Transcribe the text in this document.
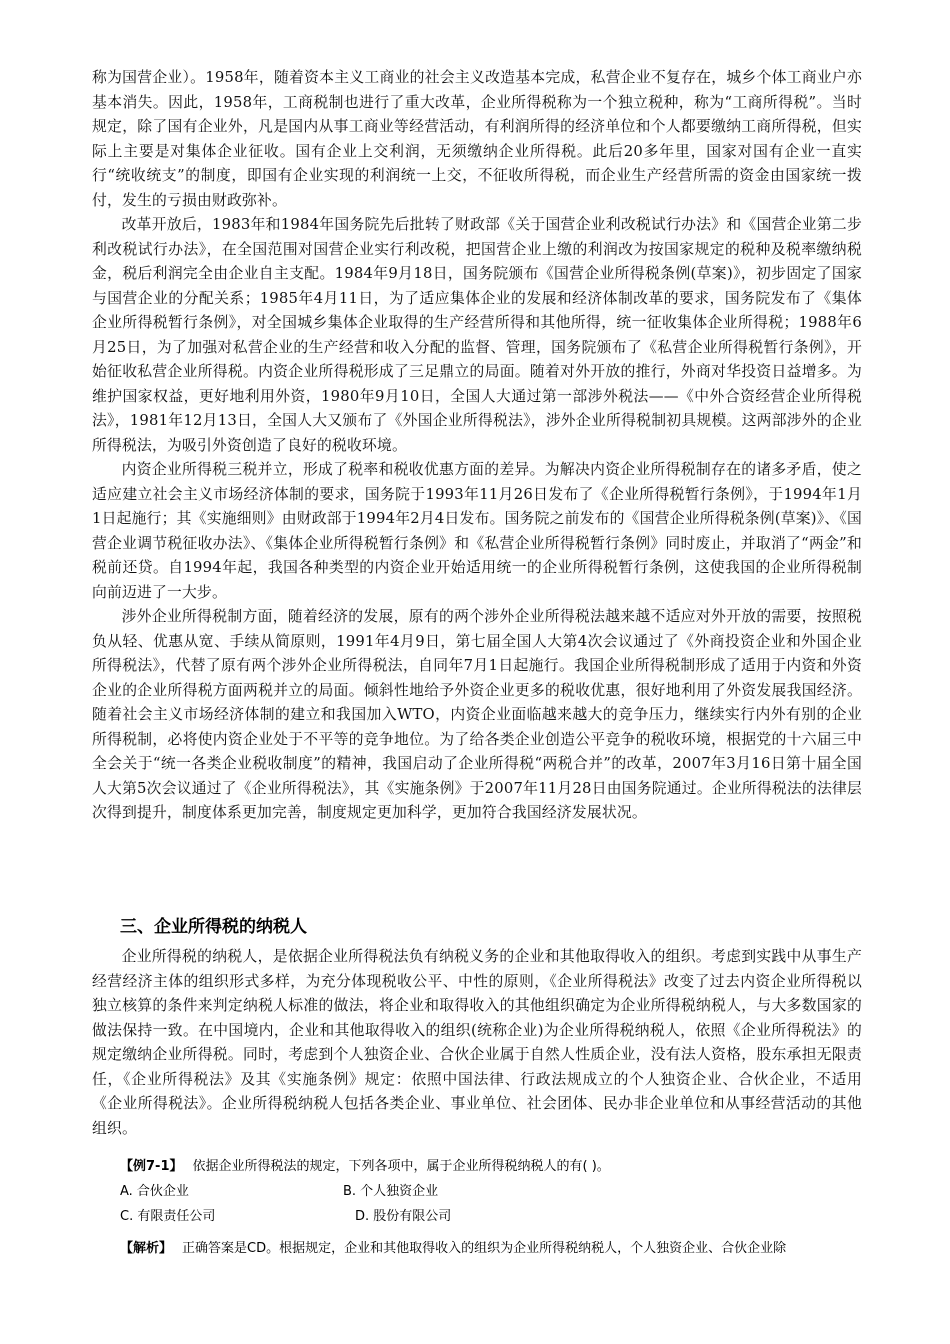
称为国营企业）。1958年，随着资本主义工商业的社会主义改造基本完成，私营企业不复存在，城乡个体工商业户亦基本消失。因此，1958年，工商税制也进行了重大改革，企业所得税称为一个独立税种，称为“工商所得税”。当时规定，除了国有企业外，凡是国内从事工商业等经营活动，有利润所得的经济单位和个人都要缴纳工商所得税，但实际上主要是对集体企业征收。国有企业上交利润，无须缴纳企业所得税。此后20多年里，国家对国有企业一直实行“统收统支”的制度，即国有企业实现的利润统一上交，不征收所得税，而企业生产经营所需的资金由国家统一拨付，发生的亏损由财政弥补。

改革开放后，1983年和1984年国务院先后批转了财政部《关于国营企业利改税试行办法》和《国营企业第二步利改税试行办法》，在全国范围对国营企业实行利改税，把国营企业上缴的利润改为按国家规定的税种及税率缴纳税金，税后利润完全由企业自主支配。1984年9月18日，国务院颁布《国营企业所得税条例(草案)》，初步固定了国家与国营企业的分配关系；1985年4月11日，为了适应集体企业的发展和经济体制改革的要求，国务院发布了《集体企业所得税暂行条例》，对全国城乡集体企业取得的生产经营所得和其他所得，统一征收集体企业所得税；1988年6月25日，为了加强对私营企业的生产经营和收入分配的监督、管理，国务院颁布了《私营企业所得税暂行条例》，开始征收私营企业所得税。内资企业所得税形成了三足鼎立的局面。随着对外开放的推行，外商对华投资日益增多。为维护国家权益，更好地利用外资，1980年9月10日，全国人大通过第一部涉外税法——《中外合资经营企业所得税法》，1981年12月13日，全国人大又颁布了《外国企业所得税法》，涉外企业所得税制初具规模。这两部涉外的企业所得税法，为吸引外资创造了良好的税收环境。

内资企业所得税三税并立，形成了税率和税收优惠方面的差异。为解决内资企业所得税制存在的诸多矛盾，使之适应建立社会主义市场经济体制的要求，国务院于1993年11月26日发布了《企业所得税暂行条例》，于1994年1月1日起施行；其《实施细则》由财政部于1994年2月4日发布。国务院之前发布的《国营企业所得税条例(草案)》、《国营企业调节税征收办法》、《集体企业所得税暂行条例》和《私营企业所得税暂行条例》同时废止，并取消了“两金”和税前还贷。自1994年起，我国各种类型的内资企业开始适用统一的企业所得税暂行条例，这使我国的企业所得税制向前迈进了一大步。

涉外企业所得税制方面，随着经济的发展，原有的两个涉外企业所得税法越来越不适应对外开放的需要，按照税负从轻、优惠从宽、手续从简原则，1991年4月9日，第七届全国人大第4次会议通过了《外商投资企业和外国企业所得税法》，代替了原有两个涉外企业所得税法，自同年7月1日起施行。我国企业所得税制形成了适用于内资和外资企业的企业所得税方面两税并立的局面。倾斜性地给予外资企业更多的税收优惠，很好地利用了外资发展我国经济。随着社会主义市场经济体制的建立和我国加入WTO，内资企业面临越来越大的竞争压力，继续实行内外有别的企业所得税制，必将使内资企业处于不平等的竞争地位。为了给各类企业创造公平竞争的税收环境，根据党的十六届三中全会关于“统一各类企业税收制度”的精神，我国启动了企业所得税“两税合并”的改革，2007年3月16日第十届全国人大第5次会议通过了《企业所得税法》，其《实施条例》于2007年11月28日由国务院通过。企业所得税法的法律层次得到提升，制度体系更加完善，制度规定更加科学，更加符合我国经济发展状况。

三、企业所得税的纳税人

企业所得税的纳税人，是依据企业所得税法负有纳税义务的企业和其他取得收入的组织。考虑到实践中从事生产经营经济主体的组织形式多样，为充分体现税收公平、中性的原则，《企业所得税法》改变了过去内资企业所得税以独立核算的条件来判定纳税人标准的做法，将企业和取得收入的其他组织确定为企业所得税纳税人，与大多数国家的做法保持一致。在中国境内，企业和其他取得收入的组织(统称企业)为企业所得税纳税人，依照《企业所得税法》的规定缴纳企业所得税。同时，考虑到个人独资企业、合伙企业属于自然人性质企业，没有法人资格，股东承担无限责任，《企业所得税法》及其《实施条例》规定：依照中国法律、行政法规成立的个人独资企业、合伙企业，不适用《企业所得税法》。企业所得税纳税人包括各类企业、事业单位、社会团体、民办非企业单位和从事经营活动的其他组织。

【例7-1】 依据企业所得税法的规定，下列各项中，属于企业所得税纳税人的有( )。
A. 合伙企业	B. 个人独资企业
C. 有限责任公司	D. 股份有限公司
【解析】 正确答案是CD。根据规定，企业和其他取得收入的组织为企业所得税纳税人，个人独资企业、合伙企业除
